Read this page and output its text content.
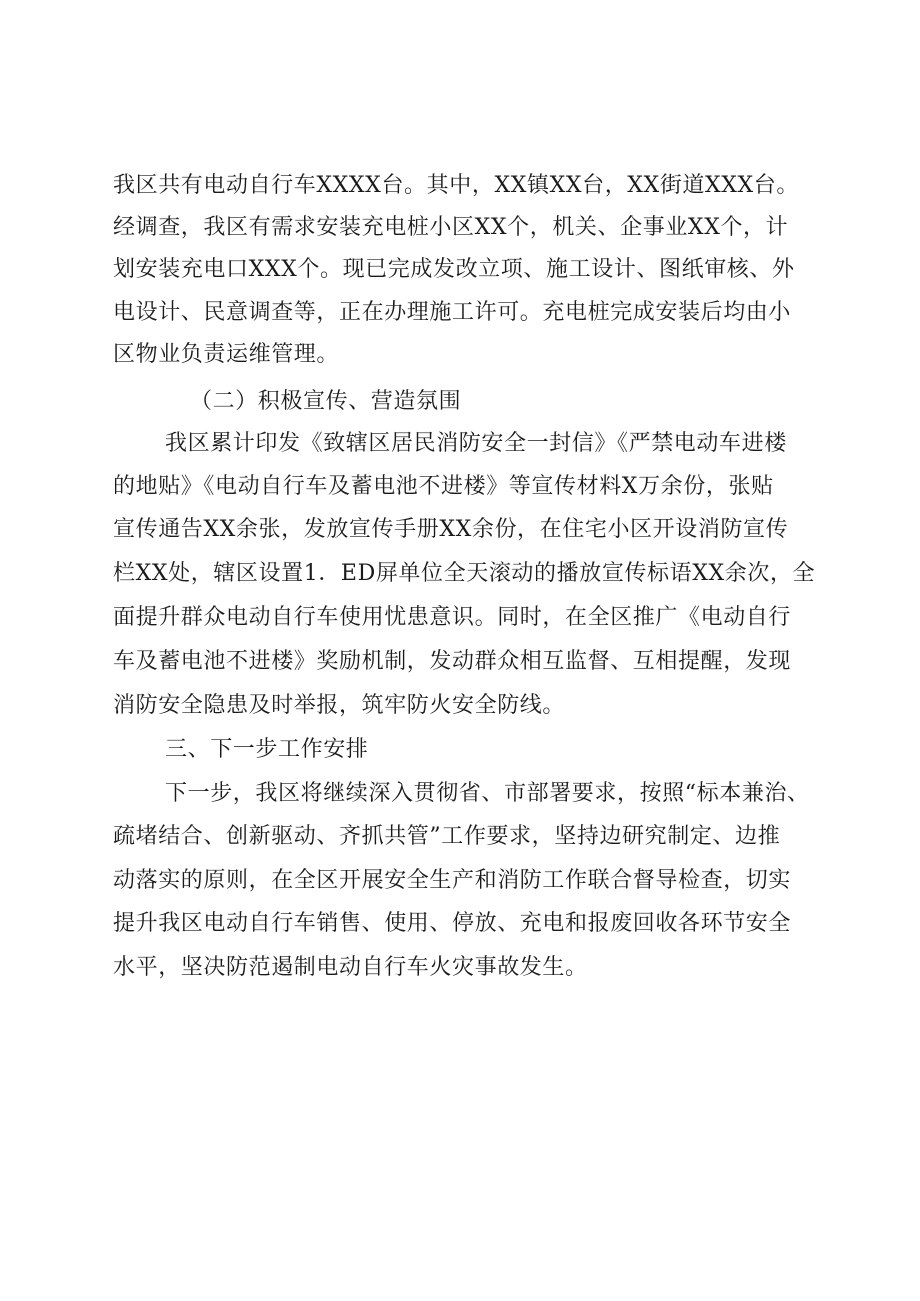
我区共有电动自行车XXXX台。其中，XX镇XX台，XX街道XXX台。
经调查，我区有需求安装充电桩小区XX个，机关、企事业XX个，计
划安装充电口XXX个。现已完成发改立项、施工设计、图纸审核、外
电设计、民意调查等，正在办理施工许可。充电桩完成安装后均由小
区物业负责运维管理。
（二）积极宣传、营造氛围
我区累计印发《致辖区居民消防安全一封信》《严禁电动车进楼
的地贴》《电动自行车及蓄电池不进楼》等宣传材料X万余份，张贴
宣传通告XX余张，发放宣传手册XX余份，在住宅小区开设消防宣传
栏XX处，辖区设置1．ED屏单位全天滚动的播放宣传标语XX余次，全
面提升群众电动自行车使用忧患意识。同时，在全区推广《电动自行
车及蓄电池不进楼》奖励机制，发动群众相互监督、互相提醒，发现
消防安全隐患及时举报，筑牢防火安全防线。
三、下一步工作安排
下一步，我区将继续深入贯彻省、市部署要求，按照“标本兼治、
疏堵结合、创新驱动、齐抓共管”工作要求，坚持边研究制定、边推
动落实的原则，在全区开展安全生产和消防工作联合督导检查，切实
提升我区电动自行车销售、使用、停放、充电和报废回收各环节安全
水平，坚决防范遏制电动自行车火灾事故发生。
